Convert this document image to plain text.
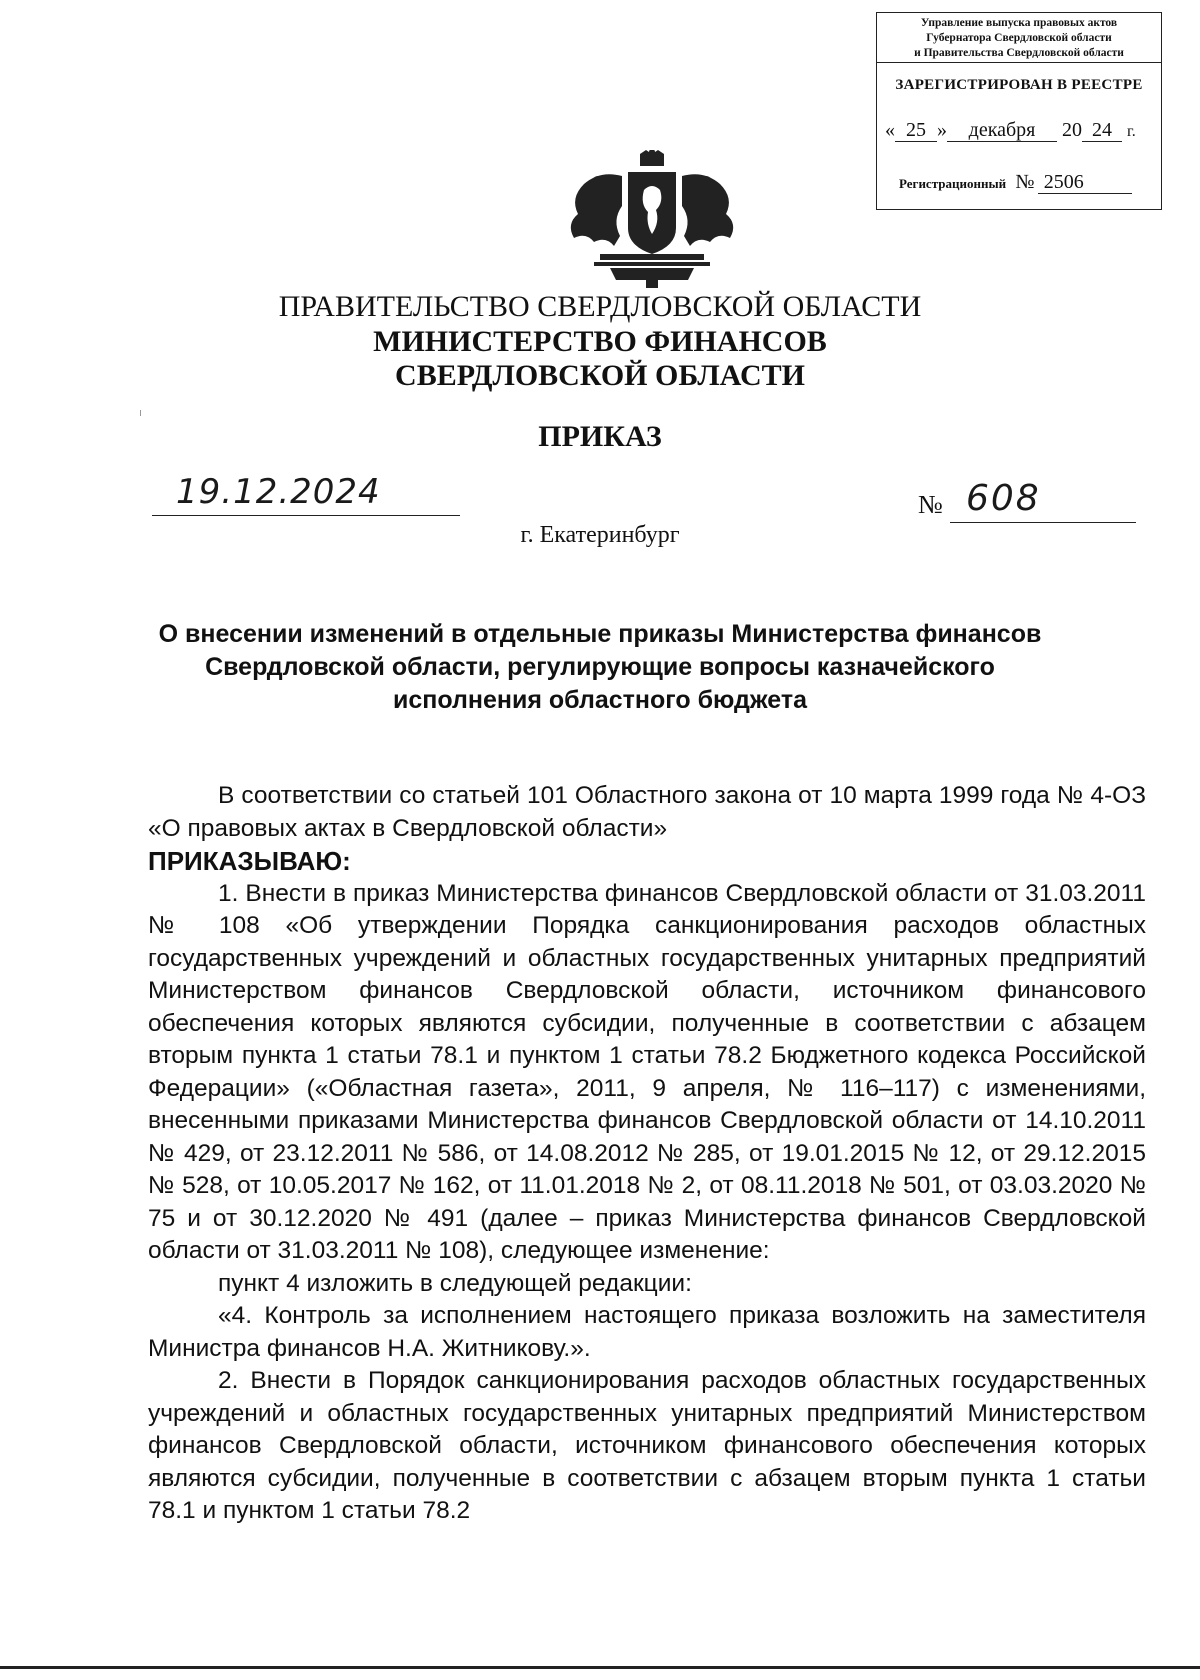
Управление выпуска правовых актов
Губернатора Свердловской области
и Правительства Свердловской области
ЗАРЕГИСТРИРОВАН В РЕЕСТРЕ
« 25 » декабря 20 24 г.
Регистрационный № 2506
ПРАВИТЕЛЬСТВО СВЕРДЛОВСКОЙ ОБЛАСТИ
МИНИСТЕРСТВО ФИНАНСОВ
СВЕРДЛОВСКОЙ ОБЛАСТИ
ПРИКАЗ
19.12.2024	№ 608
г. Екатеринбург
О внесении изменений в отдельные приказы Министерства финансов Свердловской области, регулирующие вопросы казначейского исполнения областного бюджета

В соответствии со статьей 101 Областного закона от 10 марта 1999 года № 4-ОЗ «О правовых актах в Свердловской области»

ПРИКАЗЫВАЮ:

1. Внести в приказ Министерства финансов Свердловской области от 31.03.2011 № 108 «Об утверждении Порядка санкционирования расходов областных государственных учреждений и областных государственных унитарных предприятий Министерством финансов Свердловской области, источником финансового обеспечения которых являются субсидии, полученные в соответствии с абзацем вторым пункта 1 статьи 78.1 и пунктом 1 статьи 78.2 Бюджетного кодекса Российской Федерации» («Областная газета», 2011, 9 апреля, № 116–117) с изменениями, внесенными приказами Министерства финансов Свердловской области от 14.10.2011 № 429, от 23.12.2011 № 586, от 14.08.2012 № 285, от 19.01.2015 № 12, от 29.12.2015 № 528, от 10.05.2017 № 162, от 11.01.2018 № 2, от 08.11.2018 № 501, от 03.03.2020 № 75 и от 30.12.2020 № 491 (далее – приказ Министерства финансов Свердловской области от 31.03.2011 № 108), следующее изменение:

пункт 4 изложить в следующей редакции:

«4. Контроль за исполнением настоящего приказа возложить на заместителя Министра финансов Н.А. Житникову.».

2. Внести в Порядок санкционирования расходов областных государственных учреждений и областных государственных унитарных предприятий Министерством финансов Свердловской области, источником финансового обеспечения которых являются субсидии, полученные в соответствии с абзацем вторым пункта 1 статьи 78.1 и пунктом 1 статьи 78.2
